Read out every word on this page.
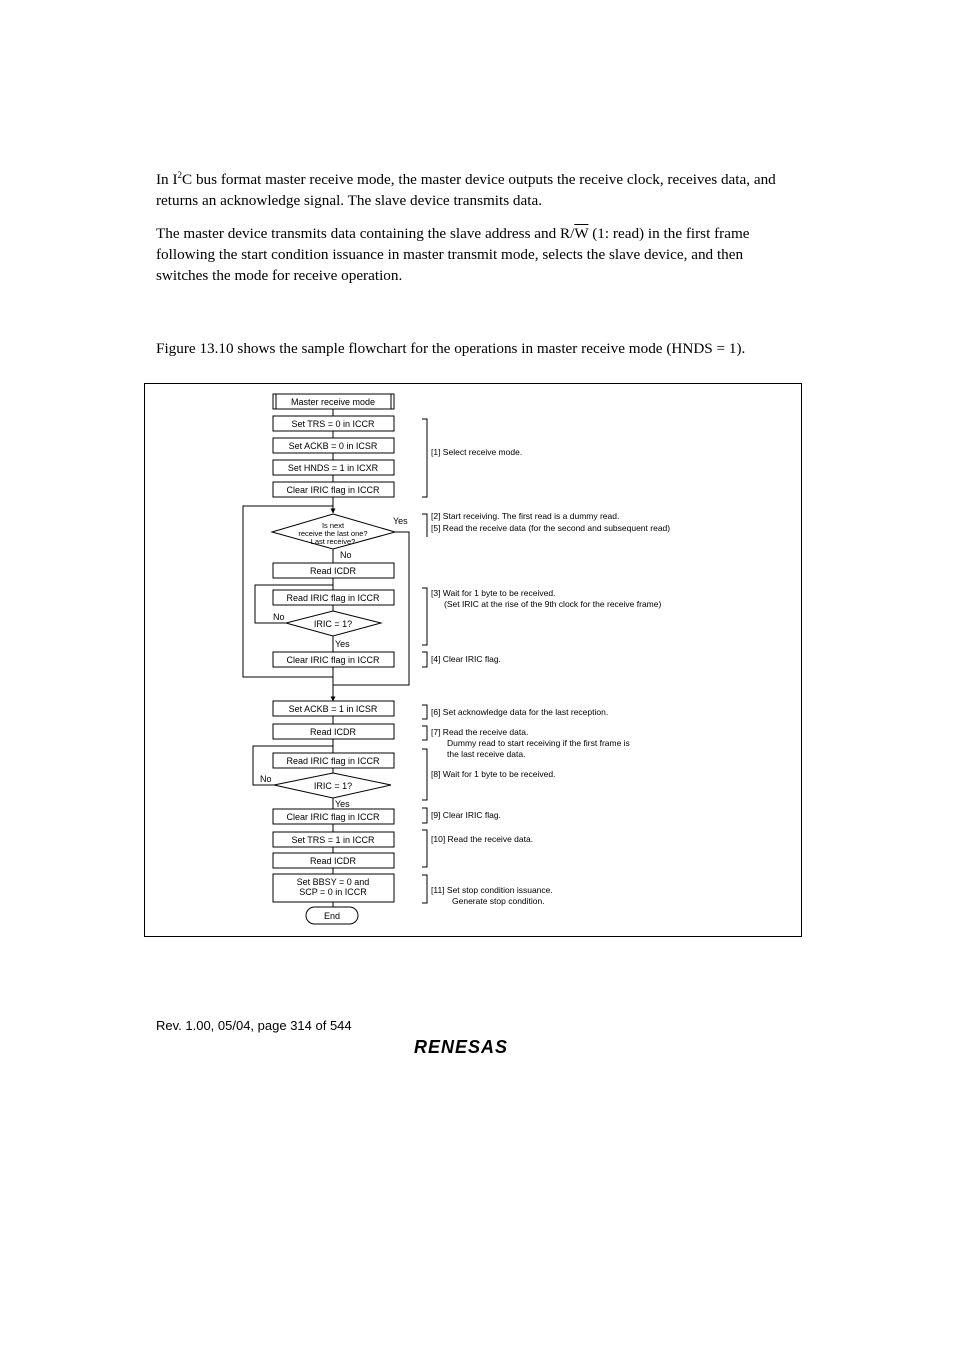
In $I^2C$ bus format master receive mode, the master device outputs the receive clock, receives data, and returns an acknowledge signal. The slave device transmits data.

The master device transmits data containing the slave address and $R/\overline{W}$ (1: read) in the first frame following the start condition issuance in master transmit mode, selects the slave device, and then switches the mode for receive operation.

Figure 13.10 shows the sample flowchart for the operations in master receive mode (HNDS = 1).

Master receive mode
Set TRS = 0 in ICCR
Set ACKB = 0 in ICSR
Set HNDS = 1 in ICXR
Clear IRIC flag in ICCR
Read ICDR
Read IRIC flag in ICCR
IRIC = 1?
Clear IRIC flag in ICCR
Set ACKB = 1 in ICSR
Read ICDR
Read IRIC flag in ICCR
IRIC = 1?
Clear IRIC flag in ICCR
Set TRS = 1 in ICCR
Read ICDR
Set BBSY = 0 and
SCP = 0 in ICCR
End
Is next
receive the last one?
Last receive?
Yes
No
No
Yes
No
Yes
[1] Select receive mode.
[2] Start receiving. The first read is a dummy read.
[5] Read the receive data (for the second and subsequent read)
[3] Wait for 1 byte to be received.
(Set IRIC at the rise of the 9th clock for the receive frame)
[4] Clear IRIC flag.
[6] Set acknowledge data for the last reception.
[7] Read the receive data.
Dummy read to start receiving if the first frame is
the last receive data.
[8] Wait for 1 byte to be received.
[9] Clear IRIC flag.
[10] Read the receive data.
[11] Set stop condition issuance.
Generate stop condition.

Rev. 1.00, 05/04, page 314 of 544

RENESAS
